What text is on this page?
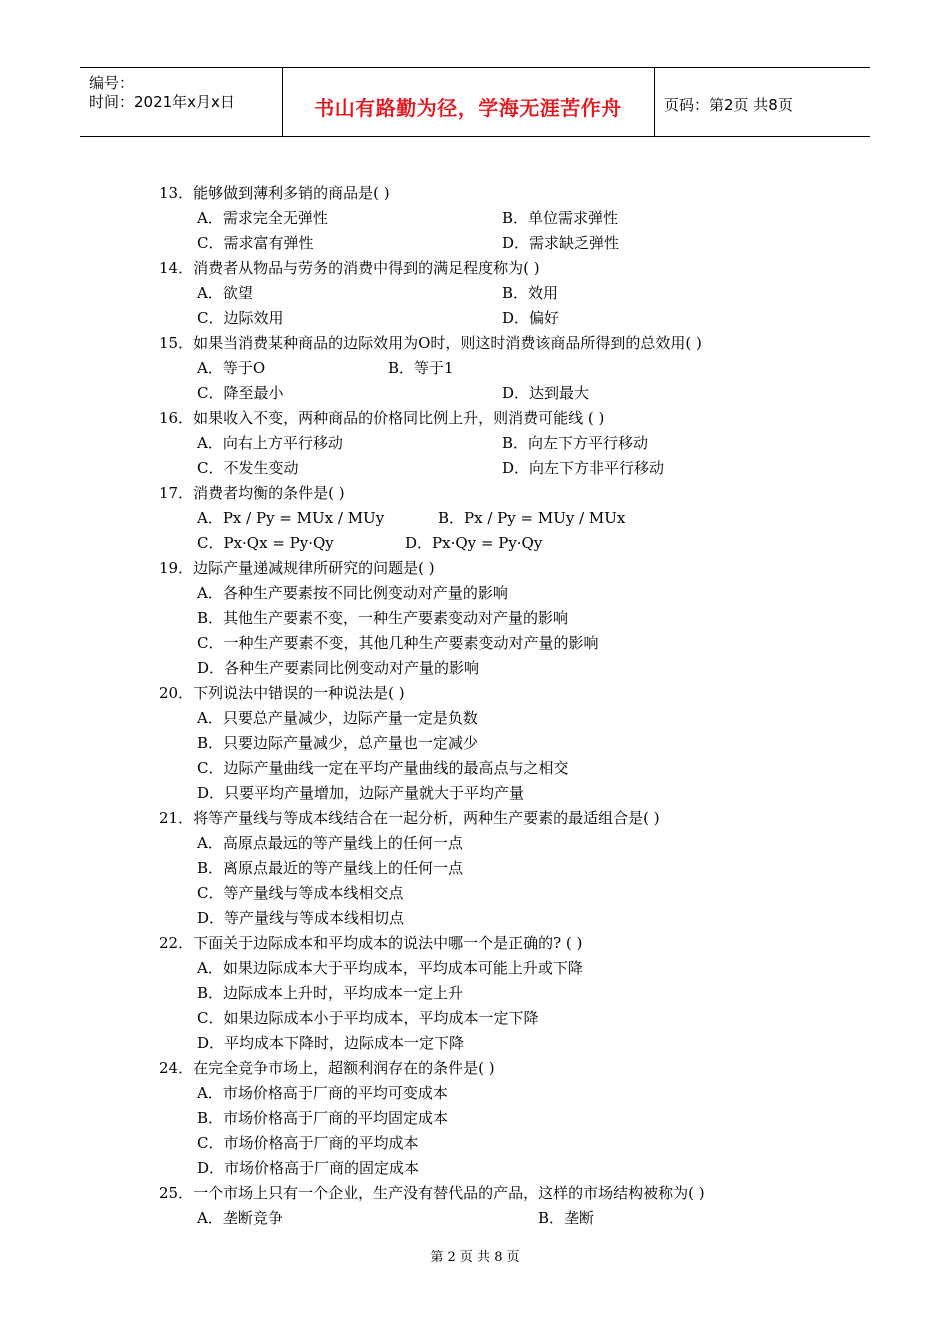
编号：
时间：2021年x月x日	书山有路勤为径，学海无涯苦作舟	页码：第2页 共8页
13．能够做到薄利多销的商品是( )
A．需求完全无弹性	B．单位需求弹性
C．需求富有弹性	D．需求缺乏弹性
14．消费者从物品与劳务的消费中得到的满足程度称为( )
A．欲望	B．效用
C．边际效用	D．偏好
15．如果当消费某种商品的边际效用为O时，则这时消费该商品所得到的总效用( )
A．等于O	B．等于1
C．降至最小	D．达到最大
16．如果收入不变，两种商品的价格同比例上升，则消费可能线 ( )
A．向右上方平行移动	B．向左下方平行移动
C．不发生变动	D．向左下方非平行移动
17．消费者均衡的条件是( )
A．Px / Py = MUx / MUy	B．Px / Py = MUy / MUx
C．Px·Qx = Py·Qy	D．Px·Qy = Py·Qy
19．边际产量递减规律所研究的问题是( )
A．各种生产要素按不同比例变动对产量的影响
B．其他生产要素不变，一种生产要素变动对产量的影响
C．一种生产要素不变，其他几种生产要素变动对产量的影响
D．各种生产要素同比例变动对产量的影响
20．下列说法中错误的一种说法是( )
A．只要总产量减少，边际产量一定是负数
B．只要边际产量减少，总产量也一定减少
C．边际产量曲线一定在平均产量曲线的最高点与之相交
D．只要平均产量增加，边际产量就大于平均产量
21．将等产量线与等成本线结合在一起分析，两种生产要素的最适组合是( )
A．高原点最远的等产量线上的任何一点
B．离原点最近的等产量线上的任何一点
C．等产量线与等成本线相交点
D．等产量线与等成本线相切点
22．下面关于边际成本和平均成本的说法中哪一个是正确的? ( )
A．如果边际成本大于平均成本，平均成本可能上升或下降
B．边际成本上升时，平均成本一定上升
C．如果边际成本小于平均成本，平均成本一定下降
D．平均成本下降时，边际成本一定下降
24．在完全竞争市场上，超额利润存在的条件是( )
A．市场价格高于厂商的平均可变成本
B．市场价格高于厂商的平均固定成本
C．市场价格高于厂商的平均成本
D．市场价格高于厂商的固定成本
25．一个市场上只有一个企业，生产没有替代品的产品，这样的市场结构被称为( )
A．垄断竞争	B．垄断
第 2 页 共 8 页
